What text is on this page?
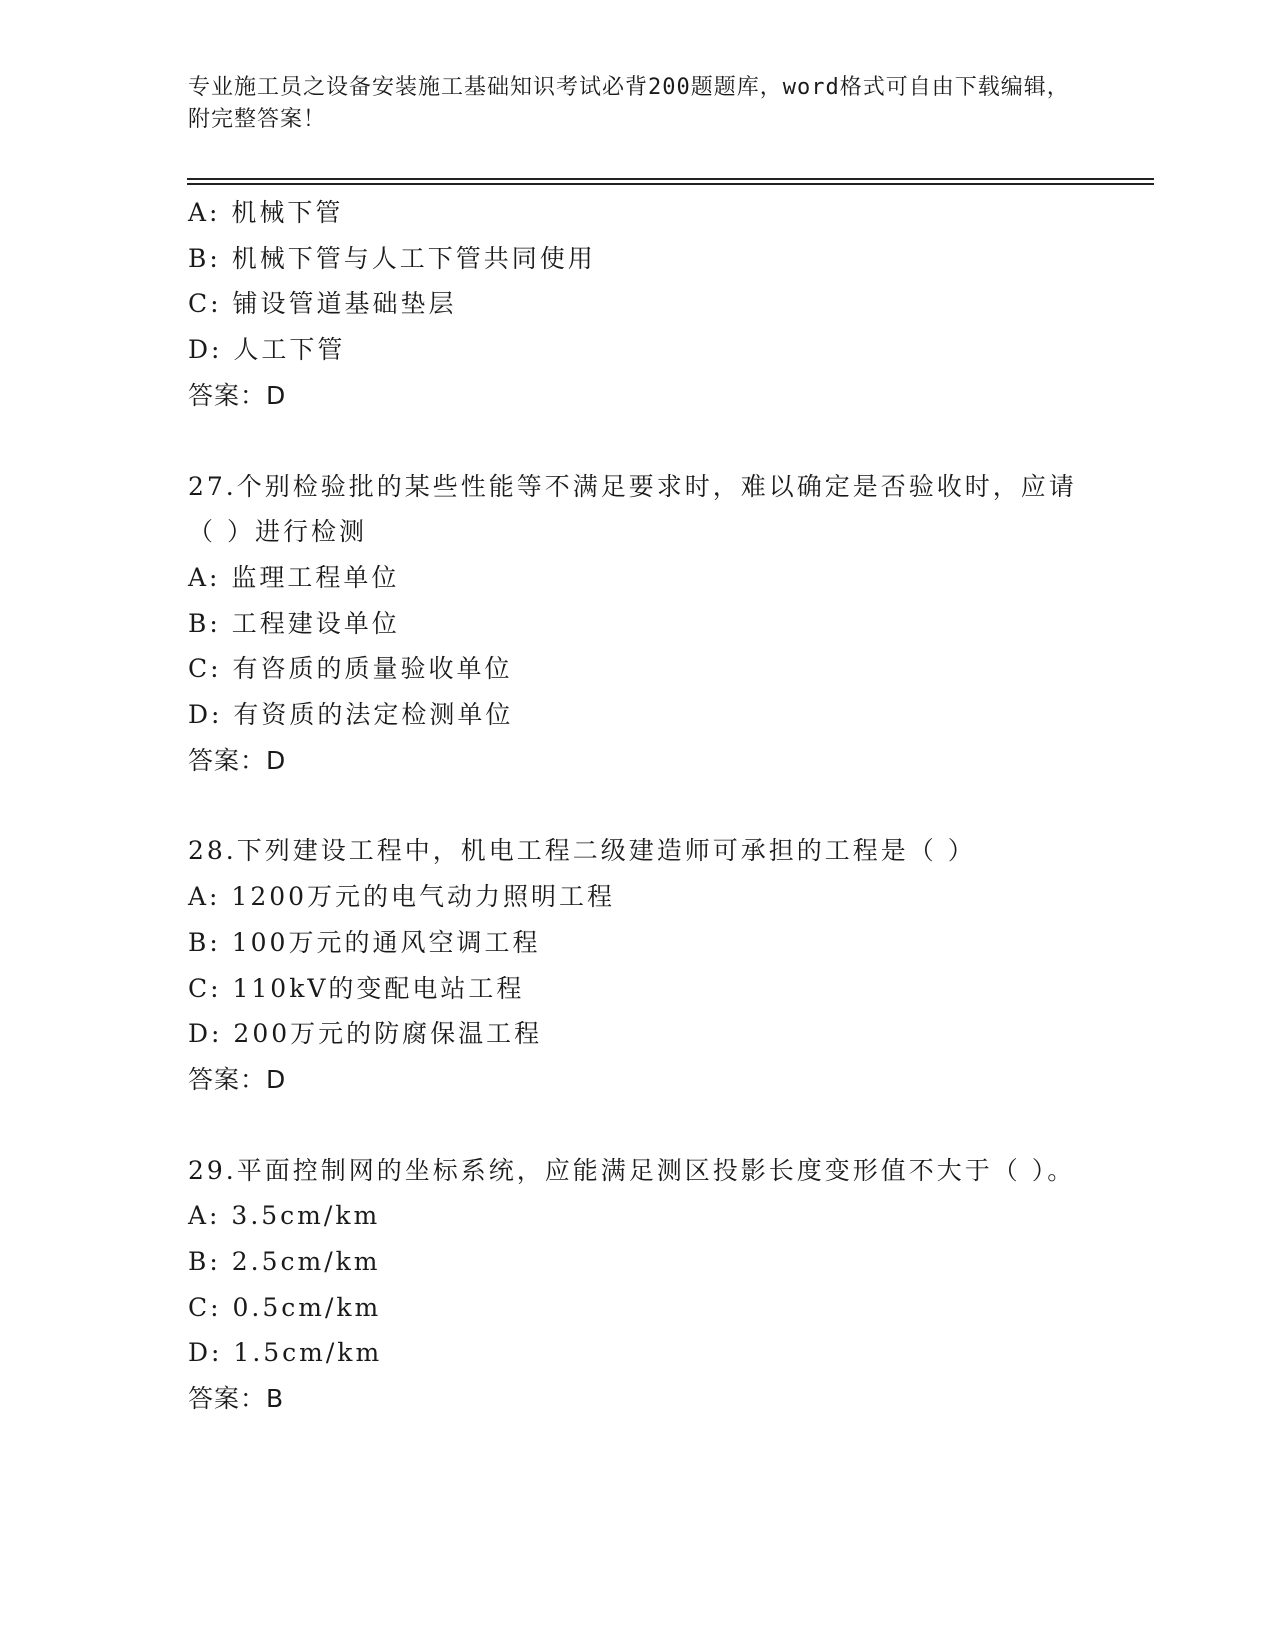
专业施工员之设备安装施工基础知识考试必背200题题库，word格式可自由下载编辑，附完整答案！
A: 机械下管
B: 机械下管与人工下管共同使用
C: 铺设管道基础垫层
D: 人工下管
答案：D
27.个别检验批的某些性能等不满足要求时，难以确定是否验收时，应请（ ）进行检测
A: 监理工程单位
B: 工程建设单位
C: 有咨质的质量验收单位
D: 有资质的法定检测单位
答案：D
28.下列建设工程中，机电工程二级建造师可承担的工程是（ ）
A: 1200万元的电气动力照明工程
B: 100万元的通风空调工程
C: 110kV的变配电站工程
D: 200万元的防腐保温工程
答案：D
29.平面控制网的坐标系统，应能满足测区投影长度变形值不大于（ ）。
A: 3.5cm/km
B: 2.5cm/km
C: 0.5cm/km
D: 1.5cm/km
答案：B
